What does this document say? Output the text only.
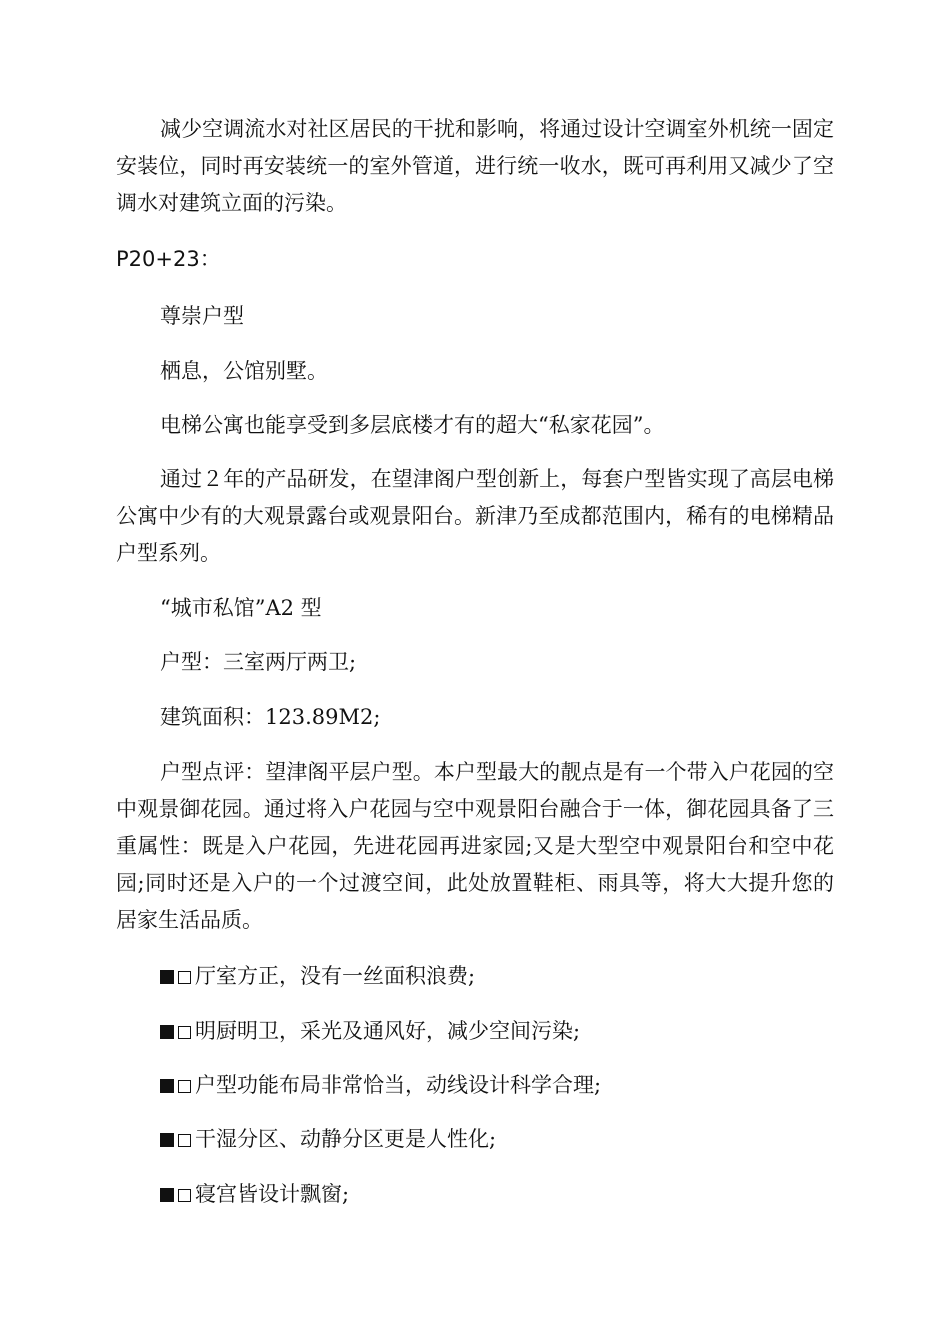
减少空调流水对社区居民的干扰和影响，将通过设计空调室外机统一固定安装位，同时再安装统一的室外管道，进行统一收水，既可再利用又减少了空调水对建筑立面的污染。

P20+23：

尊崇户型

栖息，公馆别墅。

电梯公寓也能享受到多层底楼才有的超大“私家花园”。

通过２年的产品研发，在望津阁户型创新上，每套户型皆实现了高层电梯公寓中少有的大观景露台或观景阳台。新津乃至成都范围内，稀有的电梯精品户型系列。

“城市私馆”A2 型

户型：三室两厅两卫;

建筑面积：123.89M2;

户型点评：望津阁平层户型。本户型最大的靓点是有一个带入户花园的空中观景御花园。通过将入户花园与空中观景阳台融合于一体，御花园具备了三重属性：既是入户花园，先进花园再进家园;又是大型空中观景阳台和空中花园;同时还是入户的一个过渡空间，此处放置鞋柜、雨具等，将大大提升您的居家生活品质。

厅室方正，没有一丝面积浪费;

明厨明卫，采光及通风好，减少空间污染;

户型功能布局非常恰当，动线设计科学合理;

干湿分区、动静分区更是人性化;

寝宫皆设计飘窗;
